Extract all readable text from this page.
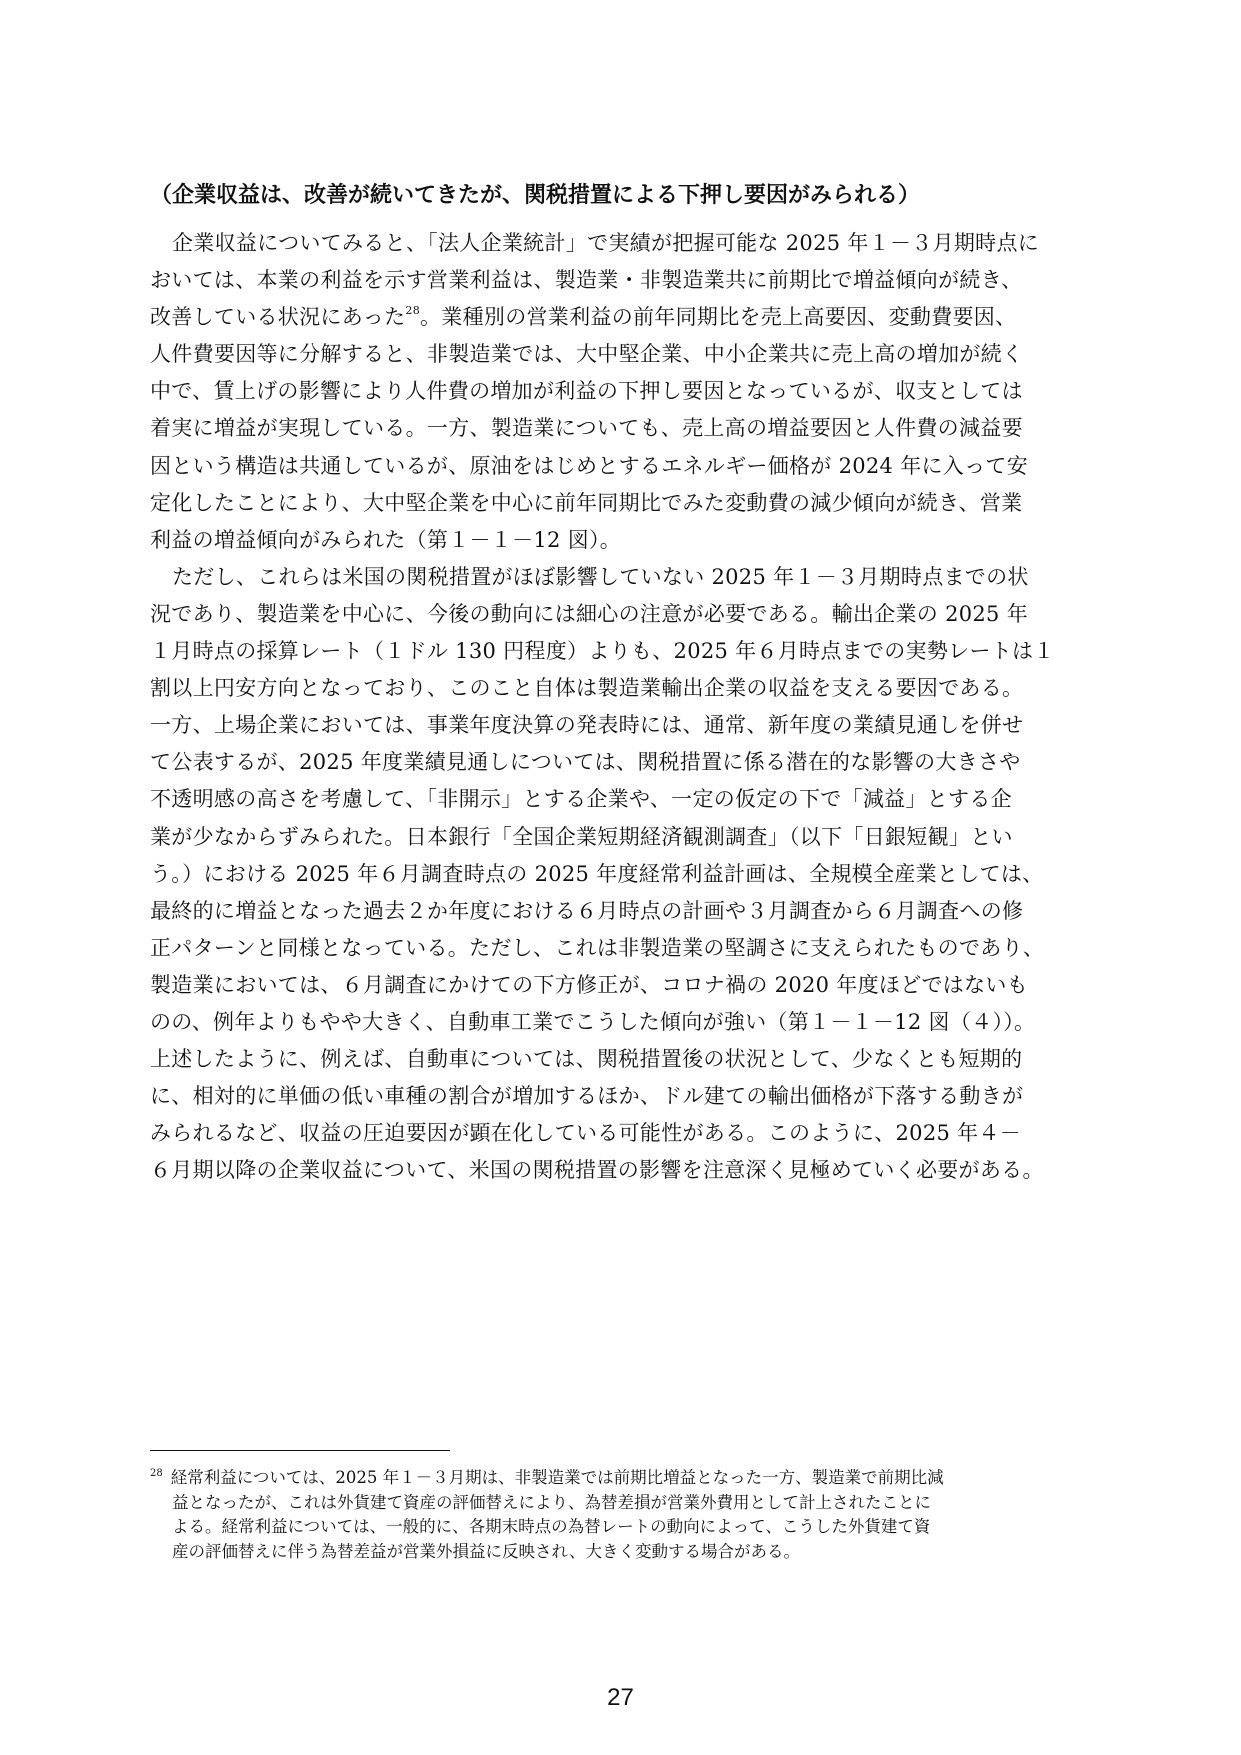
（企業収益は、改善が続いてきたが、関税措置による下押し要因がみられる）
企業収益についてみると、「法人企業統計」で実績が把握可能な 2025 年１－３月期時点に
おいては、本業の利益を示す営業利益は、製造業・非製造業共に前期比で増益傾向が続き、
改善している状況にあった$^{28}$。業種別の営業利益の前年同期比を売上高要因、変動費要因、
人件費要因等に分解すると、非製造業では、大中堅企業、中小企業共に売上高の増加が続く
中で、賃上げの影響により人件費の増加が利益の下押し要因となっているが、収支としては
着実に増益が実現している。一方、製造業についても、売上高の増益要因と人件費の減益要
因という構造は共通しているが、原油をはじめとするエネルギー価格が 2024 年に入って安
定化したことにより、大中堅企業を中心に前年同期比でみた変動費の減少傾向が続き、営業
利益の増益傾向がみられた（第１－１－12 図）。
ただし、これらは米国の関税措置がほぼ影響していない 2025 年１－３月期時点までの状
況であり、製造業を中心に、今後の動向には細心の注意が必要である。輸出企業の 2025 年
１月時点の採算レート（１ドル 130 円程度）よりも、2025 年６月時点までの実勢レートは１
割以上円安方向となっており、このこと自体は製造業輸出企業の収益を支える要因である。
一方、上場企業においては、事業年度決算の発表時には、通常、新年度の業績見通しを併せ
て公表するが、2025 年度業績見通しについては、関税措置に係る潜在的な影響の大きさや
不透明感の高さを考慮して、「非開示」とする企業や、一定の仮定の下で「減益」とする企
業が少なからずみられた。日本銀行「全国企業短期経済観測調査」（以下「日銀短観」とい
う。）における 2025 年６月調査時点の 2025 年度経常利益計画は、全規模全産業としては、
最終的に増益となった過去２か年度における６月時点の計画や３月調査から６月調査への修
正パターンと同様となっている。ただし、これは非製造業の堅調さに支えられたものであり、
製造業においては、６月調査にかけての下方修正が、コロナ禍の 2020 年度ほどではないも
のの、例年よりもやや大きく、自動車工業でこうした傾向が強い（第１－１－12 図（４））。
上述したように、例えば、自動車については、関税措置後の状況として、少なくとも短期的
に、相対的に単価の低い車種の割合が増加するほか、ドル建ての輸出価格が下落する動きが
みられるなど、収益の圧迫要因が顕在化している可能性がある。このように、2025 年４－
６月期以降の企業収益について、米国の関税措置の影響を注意深く見極めていく必要がある。
$^{28}$ 経常利益については、2025 年１－３月期は、非製造業では前期比増益となった一方、製造業で前期比減
益となったが、これは外貨建て資産の評価替えにより、為替差損が営業外費用として計上されたことに
よる。経常利益については、一般的に、各期末時点の為替レートの動向によって、こうした外貨建て資
産の評価替えに伴う為替差益が営業外損益に反映され、大きく変動する場合がある。
27
